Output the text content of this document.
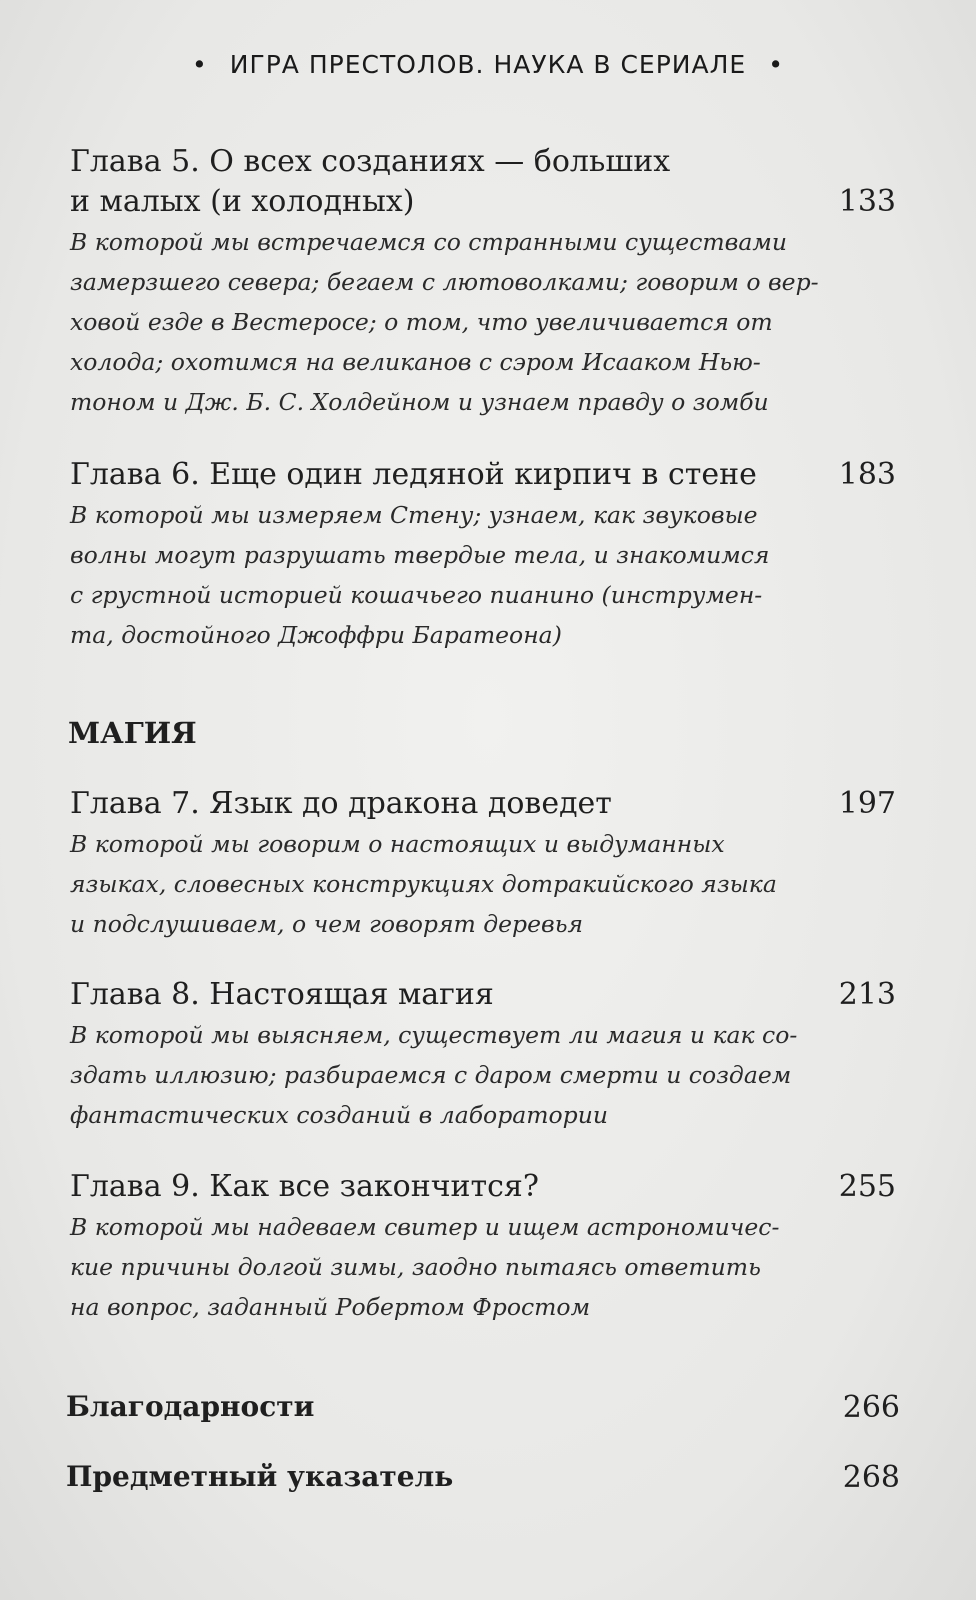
• ИГРА ПРЕСТОЛОВ. НАУКА В СЕРИАЛЕ •
Глава 5. О всех созданиях — больших
и малых (и холодных)	133
В которой мы встречаемся со странными существами
замерзшего севера; бегаем с лютоволками; говорим о вер-
ховой езде в Вестеросе; о том, что увеличивается от
холода; охотимся на великанов с сэром Исааком Нью-
тоном и Дж. Б. С. Холдейном и узнаем правду о зомби
Глава 6. Еще один ледяной кирпич в стене	183
В которой мы измеряем Стену; узнаем, как звуковые
волны могут разрушать твердые тела, и знакомимся
с грустной историей кошачьего пианино (инструмен-
та, достойного Джоффри Баратеона)
МАГИЯ
Глава 7. Язык до дракона доведет	197
В которой мы говорим о настоящих и выдуманных
языках, словесных конструкциях дотракийского языка
и подслушиваем, о чем говорят деревья
Глава 8. Настоящая магия	213
В которой мы выясняем, существует ли магия и как со-
здать иллюзию; разбираемся с даром смерти и создаем
фантастических созданий в лаборатории
Глава 9. Как все закончится?	255
В которой мы надеваем свитер и ищем астрономичес-
кие причины долгой зимы, заодно пытаясь ответить
на вопрос, заданный Робертом Фростом
Благодарности	266
Предметный указатель	268
